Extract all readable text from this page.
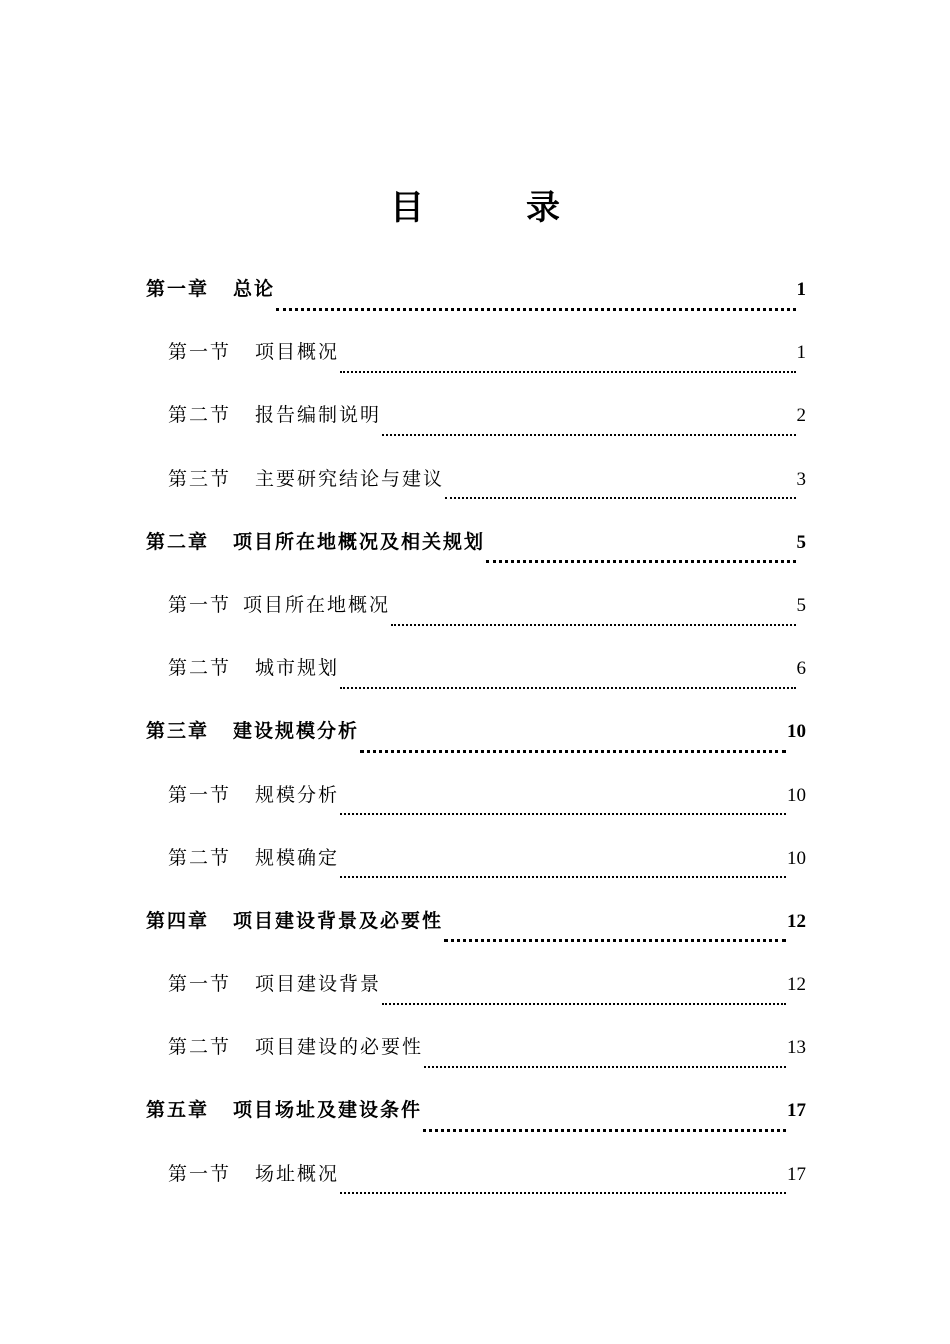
目　录
第一章 总论	1
第一节 项目概况	1
第二节 报告编制说明	2
第三节 主要研究结论与建议	3
第二章 项目所在地概况及相关规划	5
第一节 项目所在地概况	5
第二节 城市规划	6
第三章 建设规模分析	10
第一节 规模分析	10
第二节 规模确定	10
第四章 项目建设背景及必要性	12
第一节 项目建设背景	12
第二节 项目建设的必要性	13
第五章 项目场址及建设条件	17
第一节 场址概况	17
